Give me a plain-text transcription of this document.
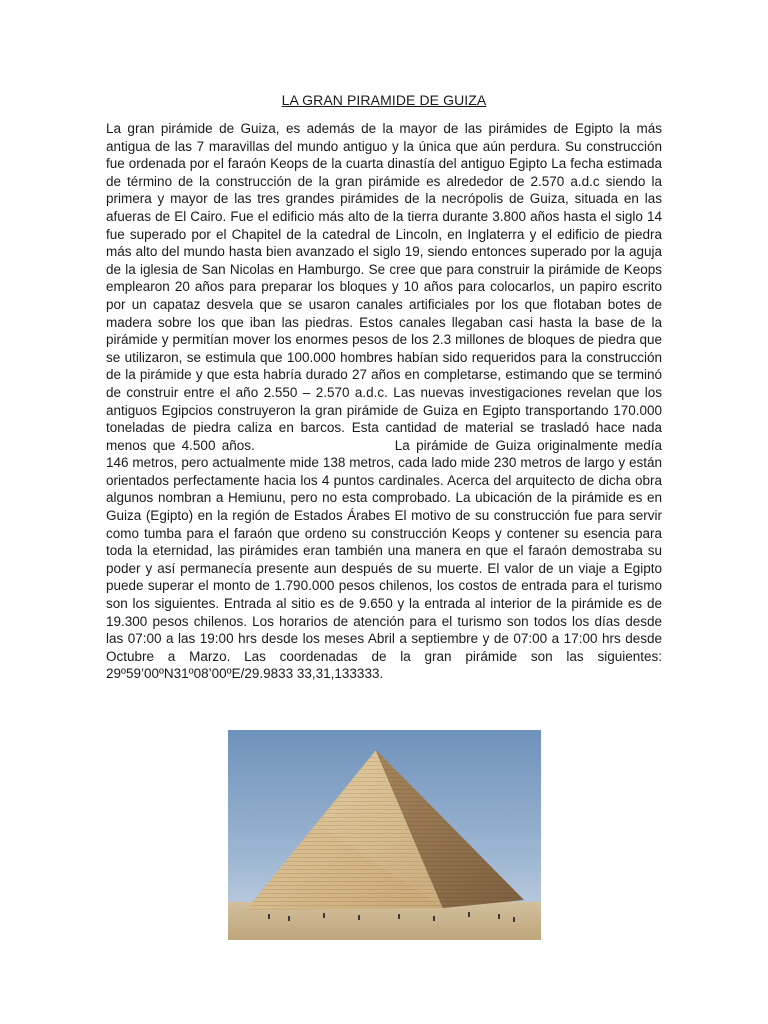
LA GRAN PIRAMIDE DE GUIZA

La gran pirámide de Guiza, es además de la mayor de las pirámides de Egipto la más antigua de las 7 maravillas del mundo antiguo y la única que aún perdura. Su construcción fue ordenada por el faraón Keops de la cuarta dinastía del antiguo Egipto La fecha estimada de término de la construcción de la gran pirámide es alrededor de 2.570 a.d.c siendo la primera y mayor de las tres grandes pirámides de la necrópolis de Guiza, situada en las afueras de El Cairo. Fue el edificio más alto de la tierra durante 3.800 años hasta el siglo 14 fue superado por el Chapitel de la catedral de Lincoln, en Inglaterra y el edificio de piedra más alto del mundo hasta bien avanzado el siglo 19, siendo entonces superado por la aguja de la iglesia de San Nicolas en Hamburgo. Se cree que para construir la pirámide de Keops emplearon 20 años para preparar los bloques y 10 años para colocarlos, un papiro escrito por un capataz desvela que se usaron canales artificiales por los que flotaban botes de madera sobre los que iban las piedras. Estos canales llegaban casi hasta la base de la pirámide y permitían mover los enormes pesos de los 2.3 millones de bloques de piedra que se utilizaron, se estimula que 100.000 hombres habían sido requeridos para la construcción de la pirámide y que esta habría durado 27 años en completarse, estimando que se terminó de construir entre el año 2.550 – 2.570 a.d.c. Las nuevas investigaciones revelan que los antiguos Egipcios construyeron la gran pirámide de Guiza en Egipto transportando 170.000 toneladas de piedra caliza en barcos. Esta cantidad de material se trasladó hace nada menos que 4.500 años.	La pirámide de Guiza originalmente medía 146 metros, pero actualmente mide 138 metros, cada lado mide 230 metros de largo y están orientados perfectamente hacia los 4 puntos cardinales. Acerca del arquitecto de dicha obra algunos nombran a Hemiunu, pero no esta comprobado. La ubicación de la pirámide es en Guiza (Egipto) en la región de Estados Árabes El motivo de su construcción fue para servir como tumba para el faraón que ordeno su construcción Keops y contener su esencia para toda la eternidad, las pirámides eran también una manera en que el faraón demostraba su poder y así permanecía presente aun después de su muerte. El valor de un viaje a Egipto puede superar el monto de 1.790.000 pesos chilenos, los costos de entrada para el turismo son los siguientes. Entrada al sitio es de 9.650 y la entrada al interior de la pirámide es de 19.300 pesos chilenos. Los horarios de atención para el turismo son todos los días desde las 07:00 a las 19:00 hrs desde los meses Abril a septiembre y de 07:00 a 17:00 hrs desde Octubre a Marzo. Las coordenadas de la gran pirámide son las siguientes: 29º59’00ºN31º08’00ºE/29.9833 33,31,133333.
